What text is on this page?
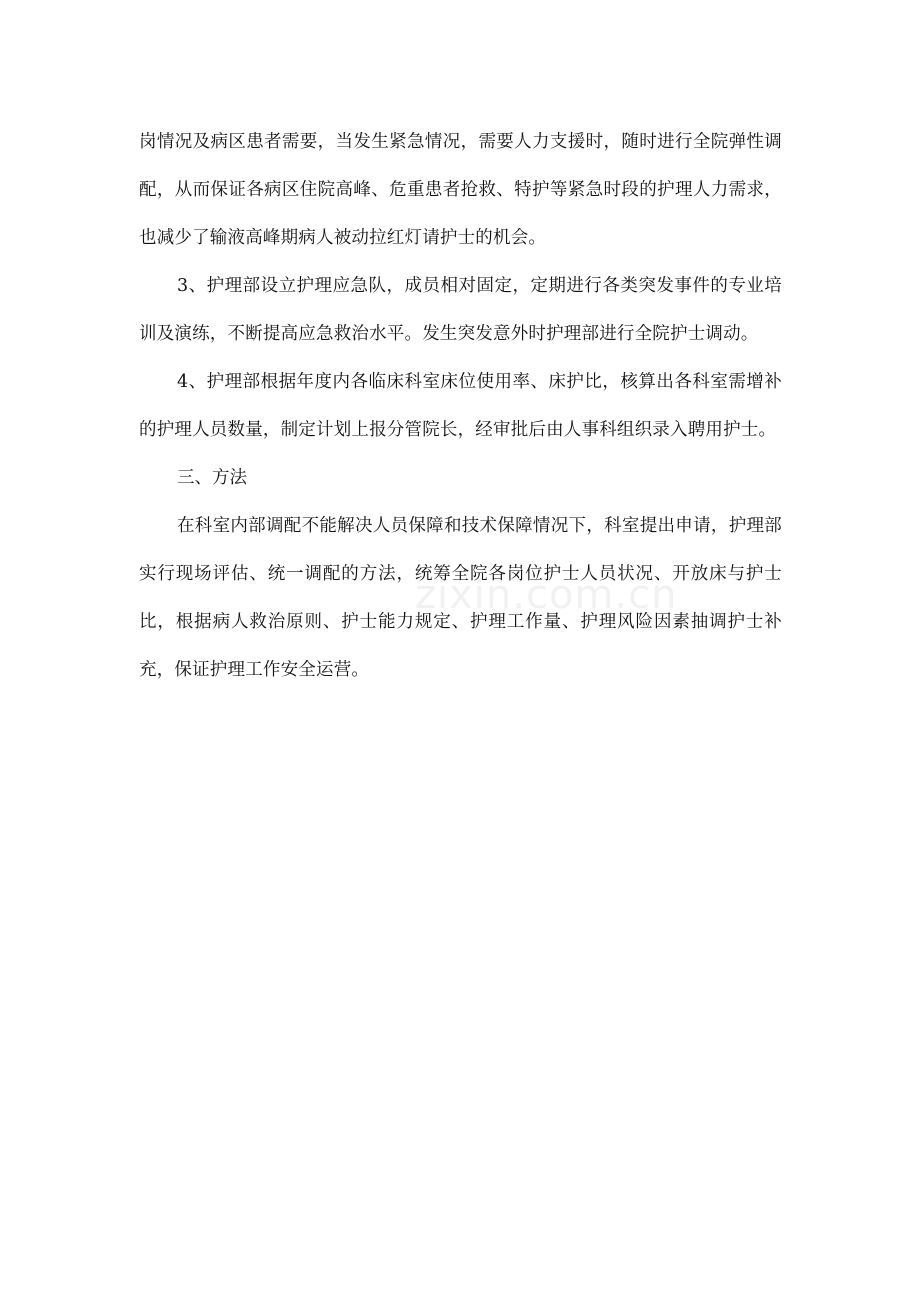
岗情况及病区患者需要，当发生紧急情况，需要人力支援时，随时进行全院弹性调配，从而保证各病区住院高峰、危重患者抢救、特护等紧急时段的护理人力需求，也减少了输液高峰期病人被动拉红灯请护士的机会。

3、护理部设立护理应急队，成员相对固定，定期进行各类突发事件的专业培训及演练，不断提高应急救治水平。发生突发意外时护理部进行全院护士调动。

4、护理部根据年度内各临床科室床位使用率、床护比，核算出各科室需增补的护理人员数量，制定计划上报分管院长，经审批后由人事科组织录入聘用护士。

三、方法

在科室内部调配不能解决人员保障和技术保障情况下，科室提出申请，护理部实行现场评估、统一调配的方法，统筹全院各岗位护士人员状况、开放床与护士比，根据病人救治原则、护士能力规定、护理工作量、护理风险因素抽调护士补充，保证护理工作安全运营。

zixin.com.cn
